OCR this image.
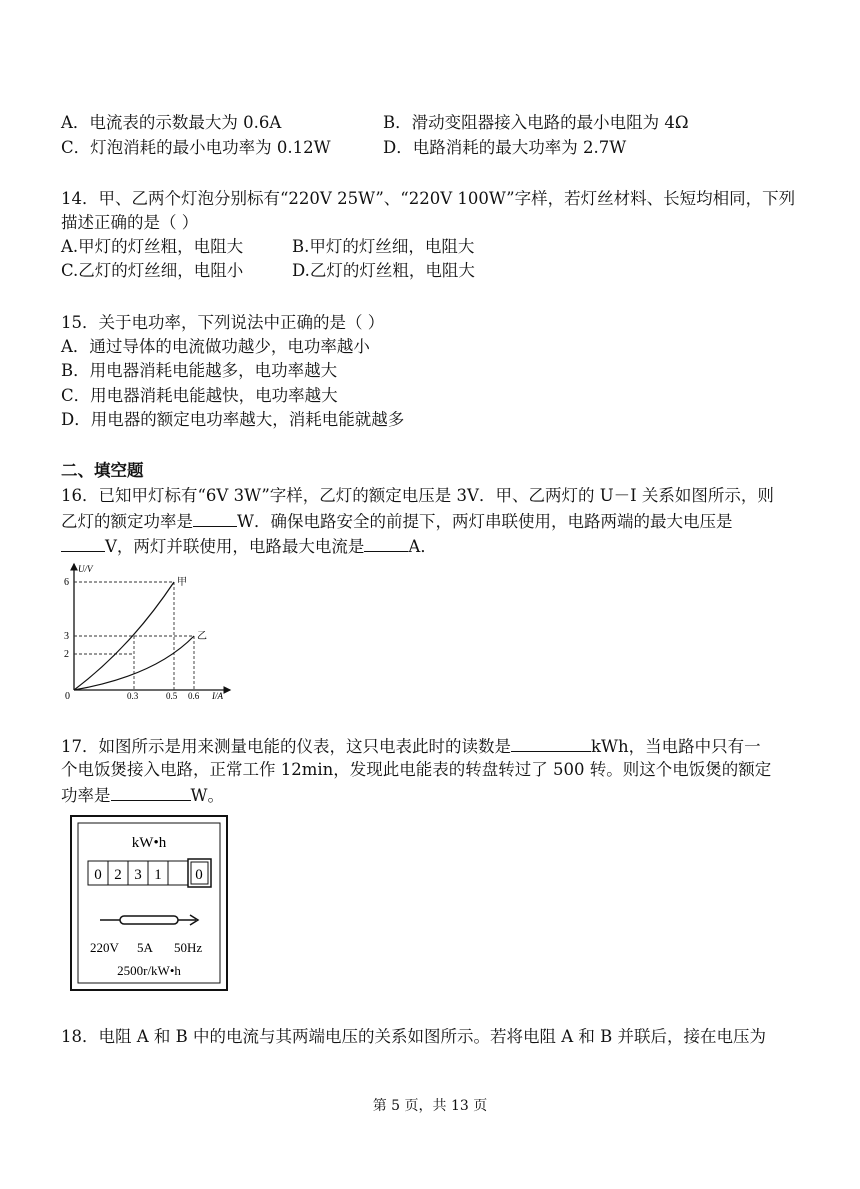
A．电流表的示数最大为 0.6A	B．滑动变阻器接入电路的最小电阻为 4Ω
C．灯泡消耗的最小电功率为 0.12W	D．电路消耗的最大功率为 2.7W
14．甲、乙两个灯泡分别标有“220V 25W”、“220V 100W”字样，若灯丝材料、长短均相同，下列
描述正确的是（ ）
A.甲灯的灯丝粗，电阻大	B.甲灯的灯丝细，电阻大
C.乙灯的灯丝细，电阻小	D.乙灯的灯丝粗，电阻大
15．关于电功率，下列说法中正确的是（ ）
A．通过导体的电流做功越少，电功率越小
B．用电器消耗电能越多，电功率越大
C．用电器消耗电能越快，电功率越大
D．用电器的额定电功率越大，消耗电能就越多
二、填空题
16．已知甲灯标有“6V 3W”字样，乙灯的额定电压是 3V．甲、乙两灯的 U－I 关系如图所示，则
乙灯的额定功率是	W．确保电路安全的前提下，两灯串联使用，电路两端的最大电压是
V，两灯并联使用，电路最大电流是	A．
U/V
I/A
0
6
3
2
0.3	0.5 0.6
甲
乙
17．如图所示是用来测量电能的仪表，这只电表此时的读数是	kWh，当电路中只有一
个电饭煲接入电路，正常工作 12min，发现此电能表的转盘转过了 500 转。则这个电饭煲的额定
功率是	W。
kW•h
0 2 3 1 0
220V 5A 50Hz
2500r/kW•h
18．电阻 A 和 B 中的电流与其两端电压的关系如图所示。若将电阻 A 和 B 并联后，接在电压为
第 5 页，共 13 页
